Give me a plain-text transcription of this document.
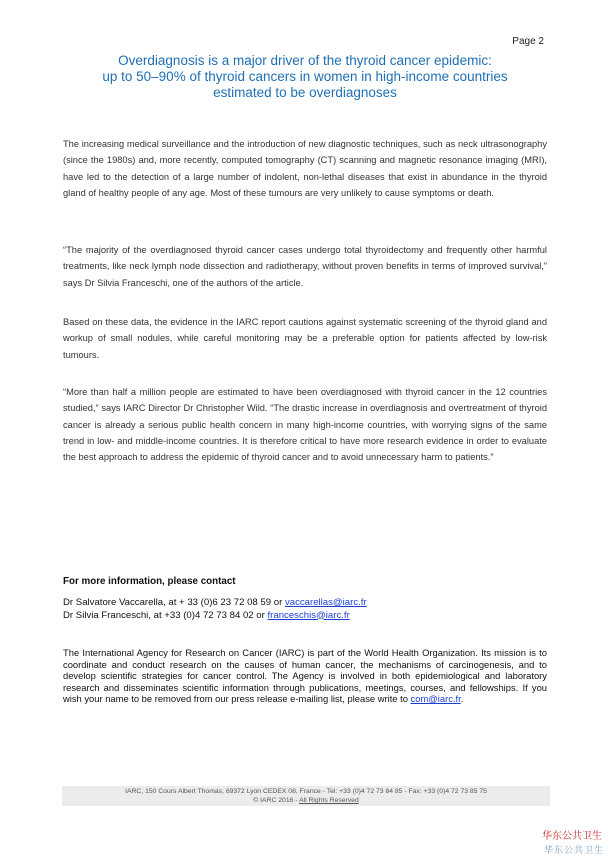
Page 2
Overdiagnosis is a major driver of the thyroid cancer epidemic:
up to 50–90% of thyroid cancers in women in high-income countries
estimated to be overdiagnoses
The increasing medical surveillance and the introduction of new diagnostic techniques, such as neck ultrasonography (since the 1980s) and, more recently, computed tomography (CT) scanning and magnetic resonance imaging (MRI), have led to the detection of a large number of indolent, non-lethal diseases that exist in abundance in the thyroid gland of healthy people of any age. Most of these tumours are very unlikely to cause symptoms or death.
“The majority of the overdiagnosed thyroid cancer cases undergo total thyroidectomy and frequently other harmful treatments, like neck lymph node dissection and radiotherapy, without proven benefits in terms of improved survival,” says Dr Silvia Franceschi, one of the authors of the article.
Based on these data, the evidence in the IARC report cautions against systematic screening of the thyroid gland and workup of small nodules, while careful monitoring may be a preferable option for patients affected by low-risk tumours.
“More than half a million people are estimated to have been overdiagnosed with thyroid cancer in the 12 countries studied,” says IARC Director Dr Christopher Wild. “The drastic increase in overdiagnosis and overtreatment of thyroid cancer is already a serious public health concern in many high-income countries, with worrying signs of the same trend in low- and middle-income countries. It is therefore critical to have more research evidence in order to evaluate the best approach to address the epidemic of thyroid cancer and to avoid unnecessary harm to patients.”
For more information, please contact
Dr Salvatore Vaccarella, at + 33 (0)6 23 72 08 59 or vaccarellas@iarc.fr
Dr Silvia Franceschi, at +33 (0)4 72 73 84 02 or franceschis@iarc.fr
The International Agency for Research on Cancer (IARC) is part of the World Health Organization. Its mission is to coordinate and conduct research on the causes of human cancer, the mechanisms of carcinogenesis, and to develop scientific strategies for cancer control. The Agency is involved in both epidemiological and laboratory research and disseminates scientific information through publications, meetings, courses, and fellowships. If you wish your name to be removed from our press release e-mailing list, please write to com@iarc.fr.
IARC, 150 Cours Albert Thomas, 69372 Lyon CEDEX 08, France - Tel: +33 (0)4 72 73 84 85 - Fax: +33 (0)4 72 73 85 75
© IARC 2016 - All Rights Reserved
华东公共卫生
华东公共卫生
